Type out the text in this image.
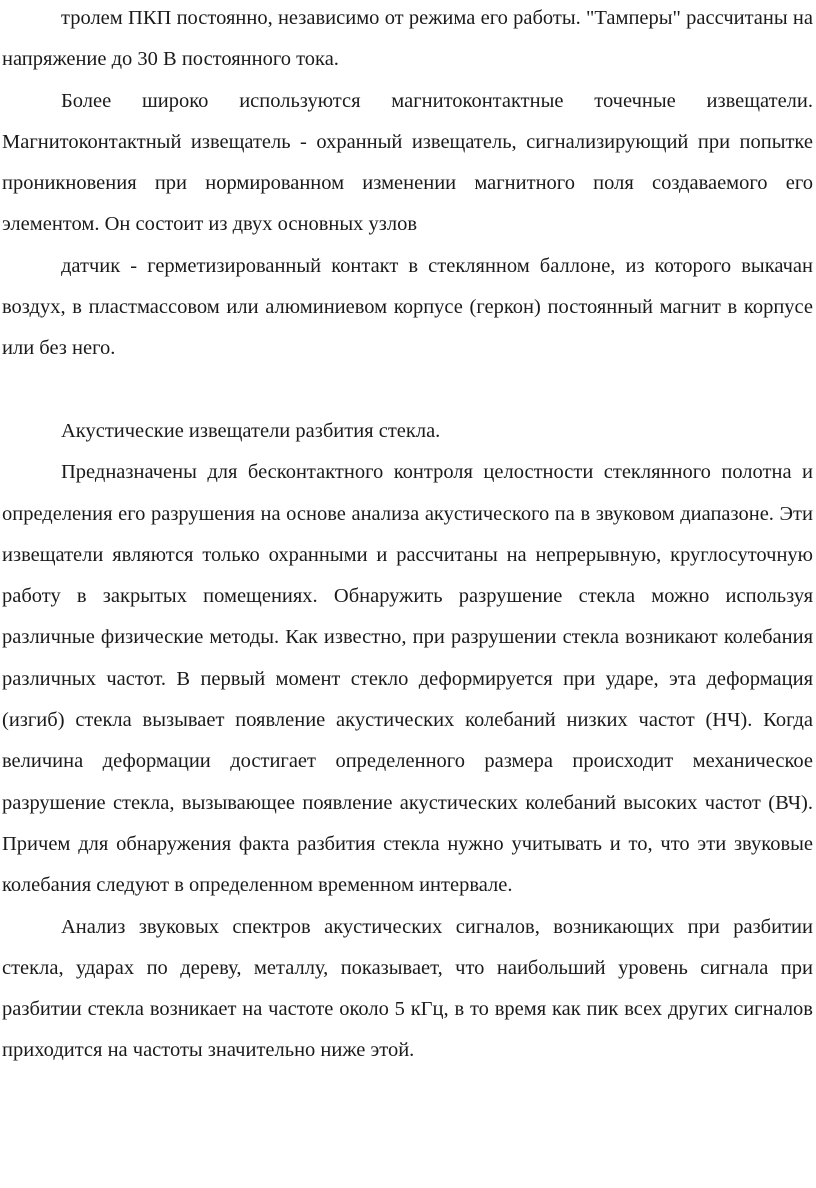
тролем ПКП постоянно, независимо от режима его работы. "Тамперы" рассчитаны на напряжение до 30 В постоянного тока.

Более широко используются магнитоконтактные точечные извещатели. Магнитоконтактный извещатель - охранный извещатель, сигнализирующий при попытке проникновения при нормированном изменении магнитного поля создаваемого его элементом. Он состоит из двух основных узлов

датчик - герметизированный контакт в стеклянном баллоне, из которого выкачан воздух, в пластмассовом или алюминиевом корпусе (геркон) постоянный магнит в корпусе или без него.

Акустические извещатели разбития стекла.

Предназначены для бесконтактного контроля целостности стеклянного полотна и определения его разрушения на основе анализа акустического па в звуковом диапазоне. Эти извещатели являются только охранными и рассчитаны на непрерывную, круглосуточную работу в закрытых помещениях. Обнаружить разрушение стекла можно используя различные физические методы. Как известно, при разрушении стекла возникают колебания различных частот. В первый момент стекло деформируется при ударе, эта деформация (изгиб) стекла вызывает появление акустических колебаний низких частот (НЧ). Когда величина деформации достигает определенного размера происходит механическое разрушение стекла, вызывающее появление акустических колебаний высоких частот (ВЧ). Причем для обнаружения факта разбития стекла нужно учитывать и то, что эти звуковые колебания следуют в определенном временном интервале.

Анализ звуковых спектров акустических сигналов, возникающих при разбитии стекла, ударах по дереву, металлу, показывает, что наибольший уровень сигнала при разбитии стекла возникает на частоте около 5 кГц, в то время как пик всех других сигналов приходится на частоты значительно ниже этой.
